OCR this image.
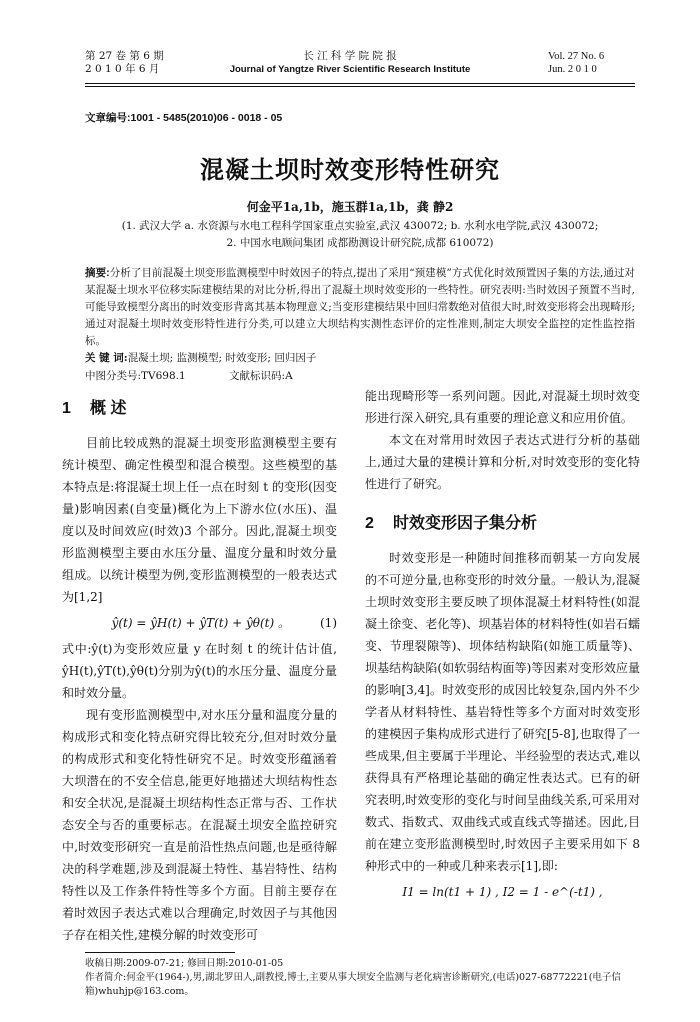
第 27 卷 第 6 期
2 0 1 0 年 6 月
长 江 科 学 院 院 报
Journal of Yangtze River Scientific Research Institute
Vol. 27 No. 6
Jun. 2 0 1 0
文章编号:1001 - 5485(2010)06 - 0018 - 05
混凝土坝时效变形特性研究
何金平1a,1b，施玉群1a,1b，龚 静2
(1. 武汉大学 a. 水资源与水电工程科学国家重点实验室,武汉 430072; b. 水利水电学院,武汉 430072;
2. 中国水电顾问集团 成都勘测设计研究院,成都 610072)
摘要:分析了目前混凝土坝变形监测模型中时效因子的特点,提出了采用“预建模”方式优化时效预置因子集的方法,通过对某混凝土坝水平位移实际建模结果的对比分析,得出了混凝土坝时效变形的一些特性。研究表明:当时效因子预置不当时,可能导致模型分离出的时效变形背离其基本物理意义;当变形建模结果中回归常数绝对值很大时,时效变形将会出现畸形;通过对混凝土坝时效变形特性进行分类,可以建立大坝结构实测性态评价的定性准则,制定大坝安全监控的定性监控指标。
关 键 词:混凝土坝; 监测模型; 时效变形; 回归因子
中图分类号:TV698.1	文献标识码:A
1 概 述

目前比较成熟的混凝土坝变形监测模型主要有统计模型、确定性模型和混合模型。这些模型的基本特点是:将混凝土坝上任一点在时刻 t 的变形(因变量)影响因素(自变量)概化为上下游水位(水压)、温度以及时间效应(时效)3 个部分。因此,混凝土坝变形监测模型主要由水压分量、温度分量和时效分量组成。以统计模型为例,变形监测模型的一般表达式为[1,2]

ŷ(t) = ŷH(t) + ŷT(t) + ŷθ(t) 。	(1)

式中:ŷ(t)为变形效应量 y 在时刻 t 的统计估计值, ŷH(t),ŷT(t),ŷθ(t)分别为ŷ(t)的水压分量、温度分量和时效分量。

现有变形监测模型中,对水压分量和温度分量的构成形式和变化特点研究得比较充分,但对时效分量的构成形式和变化特性研究不足。时效变形蕴涵着大坝潜在的不安全信息,能更好地描述大坝结构性态和安全状况,是混凝土坝结构性态正常与否、工作状态安全与否的重要标志。在混凝土坝安全监控研究中,时效变形研究一直是前沿性热点问题,也是亟待解决的科学难题,涉及到混凝土特性、基岩特性、结构特性以及工作条件特性等多个方面。目前主要存在着时效因子表达式难以合理确定,时效因子与其他因子存在相关性,建模分解的时效变形可

能出现畸形等一系列问题。因此,对混凝土坝时效变形进行深入研究,具有重要的理论意义和应用价值。

本文在对常用时效因子表达式进行分析的基础上,通过大量的建模计算和分析,对时效变形的变化特性进行了研究。

2 时效变形因子集分析

时效变形是一种随时间推移而朝某一方向发展的不可逆分量,也称变形的时效分量。一般认为,混凝土坝时效变形主要反映了坝体混凝土材料特性(如混凝土徐变、老化等)、坝基岩体的材料特性(如岩石蠕变、节理裂隙等)、坝体结构缺陷(如施工质量等)、坝基结构缺陷(如软弱结构面等)等因素对变形效应量的影响[3,4]。时效变形的成因比较复杂,国内外不少学者从材料特性、基岩特性等多个方面对时效变形的建模因子集构成形式进行了研究[5-8],也取得了一些成果,但主要属于半理论、半经验型的表达式,难以获得具有严格理论基础的确定性表达式。已有的研究表明,时效变形的变化与时间呈曲线关系,可采用对数式、指数式、双曲线式或直线式等描述。因此,目前在建立变形监测模型时,时效因子主要采用如下 8 种形式中的一种或几种来表示[1],即:

I1 = ln(t1 + 1) , I2 = 1 - e^(-t1) ,
收稿日期:2009-07-21; 修回日期:2010-01-05
作者简介:何金平(1964-),男,湖北罗田人,副教授,博士,主要从事大坝安全监测与老化病害诊断研究,(电话)027-68772221(电子信箱)whuhjp@163.com。
